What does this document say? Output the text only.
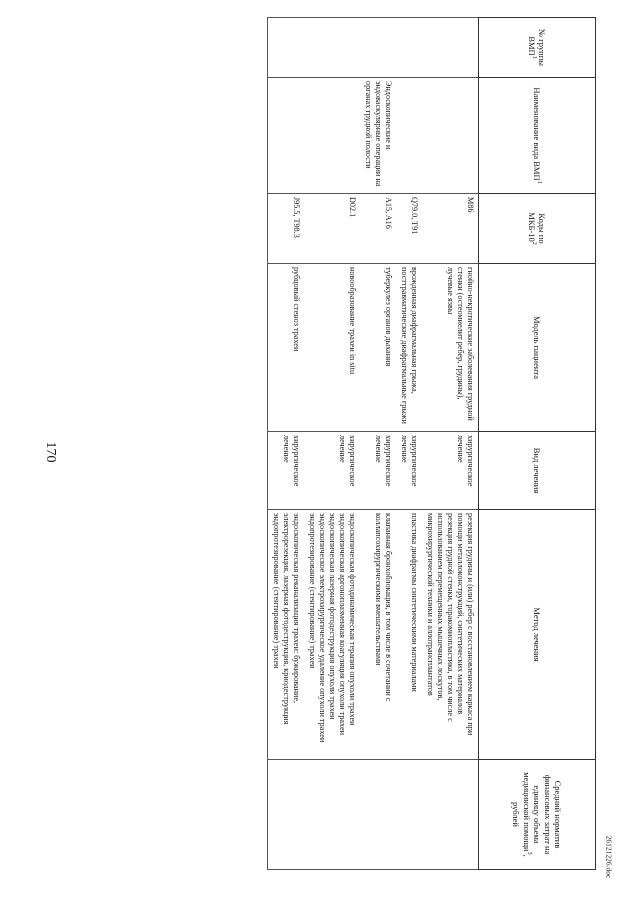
170
26121226.doc
№ группы ВМП$^1$	Наименование вида ВМП$^1$	Коды по МКБ-$10^2$	Модель пациента	Вид лечения	Метод лечения	Средний норматив финансовых затрат на единицу объема медицинской помощи$^3$, рублей
		M86	гнойно-некротические заболевания грудной стенки (остеомиелит ребер, грудины), лучевые язвы	хирургическое лечение	резекция грудины и (или) ребер с восстановлением каркаса при помощи металлоконструкций, синтетических материалов
резекция грудной стенки, торакомиопластика, в том числе с использованием перемещенных мышечных лоскутов, микрохирургической техники и аллотрансплантатов	

		Q79.0, T91	врожденная диафрагмальная грыжа, посттравматические диафрагмальные грыжи	хирургическое лечение	пластика диафрагмы синтетическими материалами	

	Эндоскопические и эндоваскулярные операции на органах грудной полости	A15, A16	туберкулез органов дыхания	хирургическое лечение	клапанная бронхоблокация, в том числе в сочетании с коллапсохирургическими вмешательствами	

		D02.1	новообразование трахеи in situ	хирургическое лечение	эндоскопическая фотодинамическая терапия опухоли трахеи
эндоскопическая аргоноплазменная коагуляция опухоли трахеи
эндоскопическая лазерная фотодеструкция опухоли трахеи
эндоскопическое электрохирургическое удаление опухоли трахеи
эндопротезирование (стентирование) трахеи	

		J95.5, T98.3	рубцовый стеноз трахеи	хирургическое лечение	эндоскопическая реканализация трахеи: бужирование, электрорезекция, лазерная фотодеструкция, криодеструкция
эндопротезирование (стентирование) трахеи	
